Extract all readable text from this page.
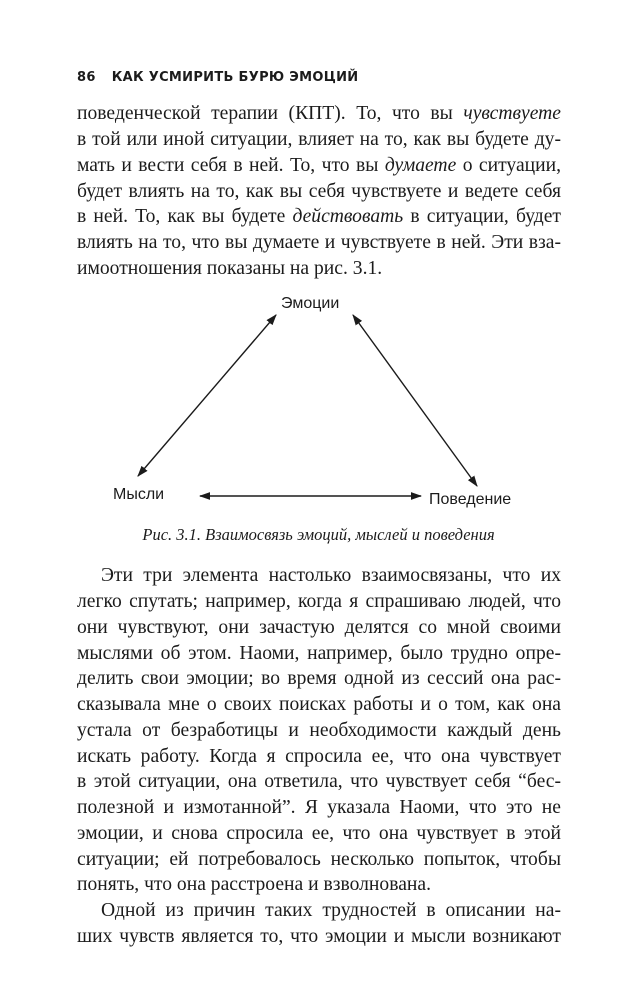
86 КАК УСМИРИТЬ БУРЮ ЭМОЦИЙ
поведенческой терапии (КПТ). То, что вы чувствуете
в той или иной ситуации, влияет на то, как вы будете ду-
мать и вести себя в ней. То, что вы думаете о ситуации,
будет влиять на то, как вы себя чувствуете и ведете себя
в ней. То, как вы будете действовать в ситуации, будет
влиять на то, что вы думаете и чувствуете в ней. Эти вза-
имоотношения показаны на рис. 3.1.
Эмоции
Мысли	Поведение
Рис. 3.1. Взаимосвязь эмоций, мыслей и поведения
Эти три элемента настолько взаимосвязаны, что их
легко спутать; например, когда я спрашиваю людей, что
они чувствуют, они зачастую делятся со мной своими
мыслями об этом. Наоми, например, было трудно опре-
делить свои эмоции; во время одной из сессий она рас-
сказывала мне о своих поисках работы и о том, как она
устала от безработицы и необходимости каждый день
искать работу. Когда я спросила ее, что она чувствует
в этой ситуации, она ответила, что чувствует себя “бес-
полезной и измотанной”. Я указала Наоми, что это не
эмоции, и снова спросила ее, что она чувствует в этой
ситуации; ей потребовалось несколько попыток, чтобы
понять, что она расстроена и взволнована.
Одной из причин таких трудностей в описании на-
ших чувств является то, что эмоции и мысли возникают
